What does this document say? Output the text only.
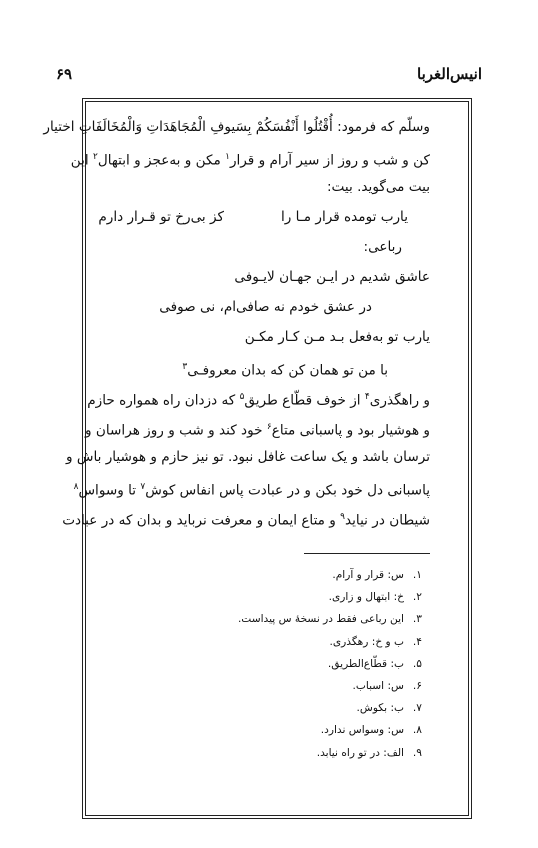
۶۹	انیس‌الغربا
وسلّم که فرمود: أُقْتُلُوا أَنْفُسَكُمْ بِسَيوفِ الْمُجَاهَدَاتِ وَالْمُخَالَفَاتِ اختیار
کن و شب و روز از سیر آرام و قرار$^۱$ مکن و به‌عجز و ابتهال$^۲$ این
بیت می‌گوید. بیت:
یارب تومده قرار مـا را
کز بی‌رخ تو قـرار دارم
رباعی:
عاشق شدیم در ایـن جهـان لایـوفی
در عشق خودم نه صافی‌ام، نی صوفی
یارب تو به‌فعل بـد مـن کـار مکـن
با من تو همان کن که بدان معروفـی$^۳$
و راهگذری$^۴$ از خوف قطّاع طریق$^۵$ که دزدان راه همواره حازم
و هوشیار بود و پاسبانی متاع$^۶$ خود کند و شب و روز هراسان و
ترسان باشد و یک ساعت غافل نبود. تو نیز حازم و هوشیار باش و
پاسبانی دل خود بکن و در عبادت پاس انفاس کوش$^۷$ تا وسواس$^۸$
شیطان در نیاید$^۹$ و متاع ایمان و معرفت نربايد و بدان که در عبادت
۱.س: قرار و آرام.
۲.خ: ابتهال و زاری.
۳.این رباعی فقط در نسخهٔ س پیداست.
۴.ب و خ: رهگذری.
۵.ب: قطّاع‌الطریق.
۶.س: اسباب.
۷.ب: بکوش.
۸.س: وسواس ندارد.
۹.الف: در تو راه نیابد.
